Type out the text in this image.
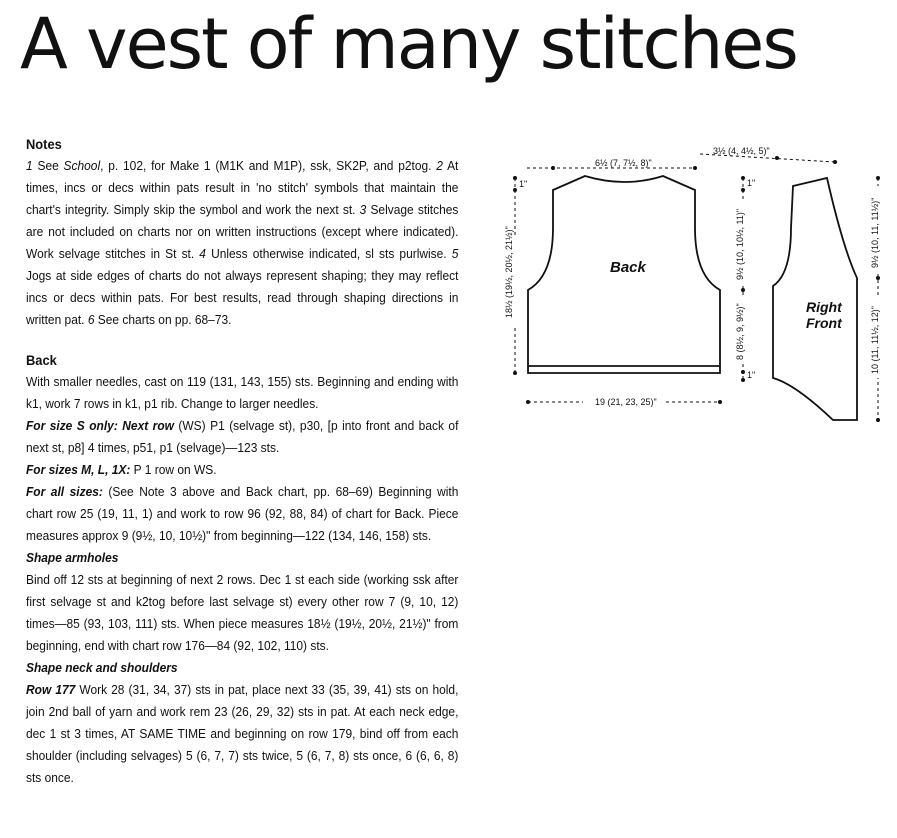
A vest of many stitches

Notes

1 See School, p. 102, for Make 1 (M1K and M1P), ssk, SK2P, and p2tog. 2 At times, incs or decs within pats result in 'no stitch' symbols that maintain the chart's integrity. Simply skip the symbol and work the next st. 3 Selvage stitches are not included on charts nor on written instructions (except where indicated). Work selvage stitches in St st. 4 Unless otherwise indicated, sl sts purlwise. 5 Jogs at side edges of charts do not always represent shaping; they may reflect incs or decs within pats. For best results, read through shaping directions in written pat. 6 See charts on pp. 68–73.

Back

With smaller needles, cast on 119 (131, 143, 155) sts. Beginning and ending with k1, work 7 rows in k1, p1 rib. Change to larger needles.

For size S only: Next row (WS) P1 (selvage st), p30, [p into front and back of next st, p8] 4 times, p51, p1 (selvage)—123 sts.

For sizes M, L, 1X: P 1 row on WS.

For all sizes: (See Note 3 above and Back chart, pp. 68–69) Beginning with chart row 25 (19, 11, 1) and work to row 96 (92, 88, 84) of chart for Back. Piece measures approx 9 (9½, 10, 10½)" from beginning—122 (134, 146, 158) sts.

Shape armholes

Bind off 12 sts at beginning of next 2 rows. Dec 1 st each side (working ssk after first selvage st and k2tog before last selvage st) every other row 7 (9, 10, 12) times—85 (93, 103, 111) sts. When piece measures 18½ (19½, 20½, 21½)" from beginning, end with chart row 176—84 (92, 102, 110) sts.

Shape neck and shoulders

Row 177 Work 28 (31, 34, 37) sts in pat, place next 33 (35, 39, 41) sts on hold, join 2nd ball of yarn and work rem 23 (26, 29, 32) sts in pat. At each neck edge, dec 1 st 3 times, AT SAME TIME and beginning on row 179, bind off from each shoulder (including selvages) 5 (6, 7, 7) sts twice, 5 (6, 7, 8) sts once, 6 (6, 6, 8) sts once.

Back
Right
Front
6½ (7, 7½, 8)"
3½ (4, 4½, 5)"
19 (21, 23, 25)"
1"
18½ (19½, 20½, 21½)"
1"
9½ (10, 10½, 11)"
8 (8½, 9, 9½)"
1"
9½ (10, 11, 11½)"
10 (11, 11½, 12)"
